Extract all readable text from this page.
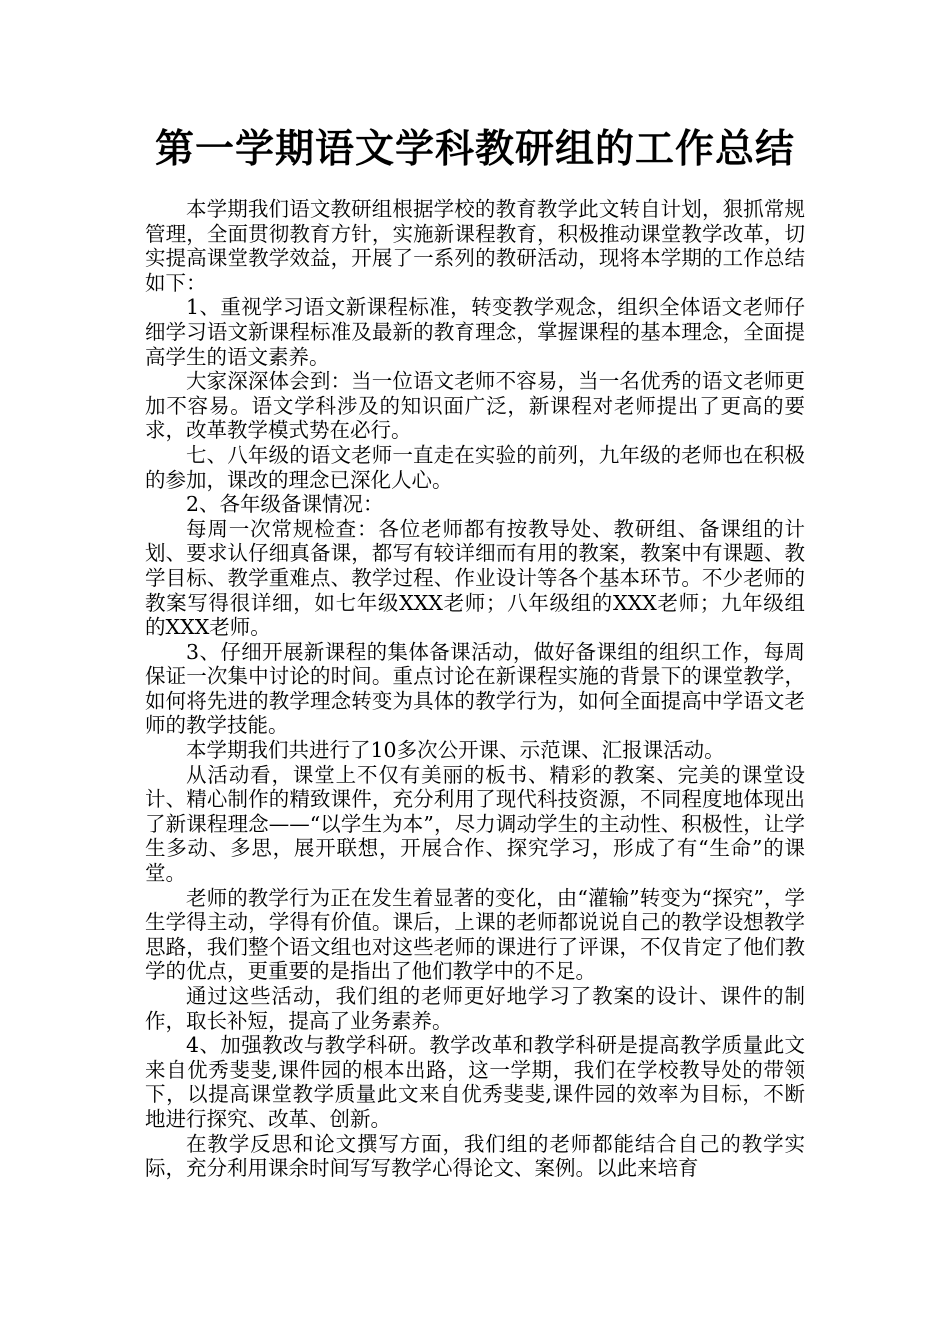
第一学期语文学科教研组的工作总结

本学期我们语文教研组根据学校的教育教学此文转自计划，狠抓常规管理，全面贯彻教育方针，实施新课程教育，积极推动课堂教学改革，切实提高课堂教学效益，开展了一系列的教研活动，现将本学期的工作总结如下：

1、重视学习语文新课程标准，转变教学观念，组织全体语文老师仔细学习语文新课程标准及最新的教育理念，掌握课程的基本理念，全面提高学生的语文素养。

大家深深体会到：当一位语文老师不容易，当一名优秀的语文老师更加不容易。语文学科涉及的知识面广泛，新课程对老师提出了更高的要求，改革教学模式势在必行。

七、八年级的语文老师一直走在实验的前列，九年级的老师也在积极的参加，课改的理念已深化人心。

2、各年级备课情况：

每周一次常规检查：各位老师都有按教导处、教研组、备课组的计划、要求认仔细真备课，都写有较详细而有用的教案，教案中有课题、教学目标、教学重难点、教学过程、作业设计等各个基本环节。不少老师的教案写得很详细，如七年级XXX老师；八年级组的XXX老师；九年级组的XXX老师。

3、仔细开展新课程的集体备课活动，做好备课组的组织工作，每周保证一次集中讨论的时间。重点讨论在新课程实施的背景下的课堂教学，如何将先进的教学理念转变为具体的教学行为，如何全面提高中学语文老师的教学技能。

本学期我们共进行了10多次公开课、示范课、汇报课活动。

从活动看，课堂上不仅有美丽的板书、精彩的教案、完美的课堂设计、精心制作的精致课件，充分利用了现代科技资源，不同程度地体现出了新课程理念——“以学生为本”，尽力调动学生的主动性、积极性，让学生多动、多思，展开联想，开展合作、探究学习，形成了有“生命”的课堂。

老师的教学行为正在发生着显著的变化，由“灌输”转变为“探究”，学生学得主动，学得有价值。课后，上课的老师都说说自己的教学设想教学思路，我们整个语文组也对这些老师的课进行了评课，不仅肯定了他们教学的优点，更重要的是指出了他们教学中的不足。

通过这些活动，我们组的老师更好地学习了教案的设计、课件的制作，取长补短，提高了业务素养。

4、加强教改与教学科研。教学改革和教学科研是提高教学质量此文来自优秀斐斐,课件园的根本出路，这一学期，我们在学校教导处的带领下，以提高课堂教学质量此文来自优秀斐斐,课件园的效率为目标，不断地进行探究、改革、创新。

在教学反思和论文撰写方面，我们组的老师都能结合自己的教学实际，充分利用课余时间写写教学心得论文、案例。以此来培育
